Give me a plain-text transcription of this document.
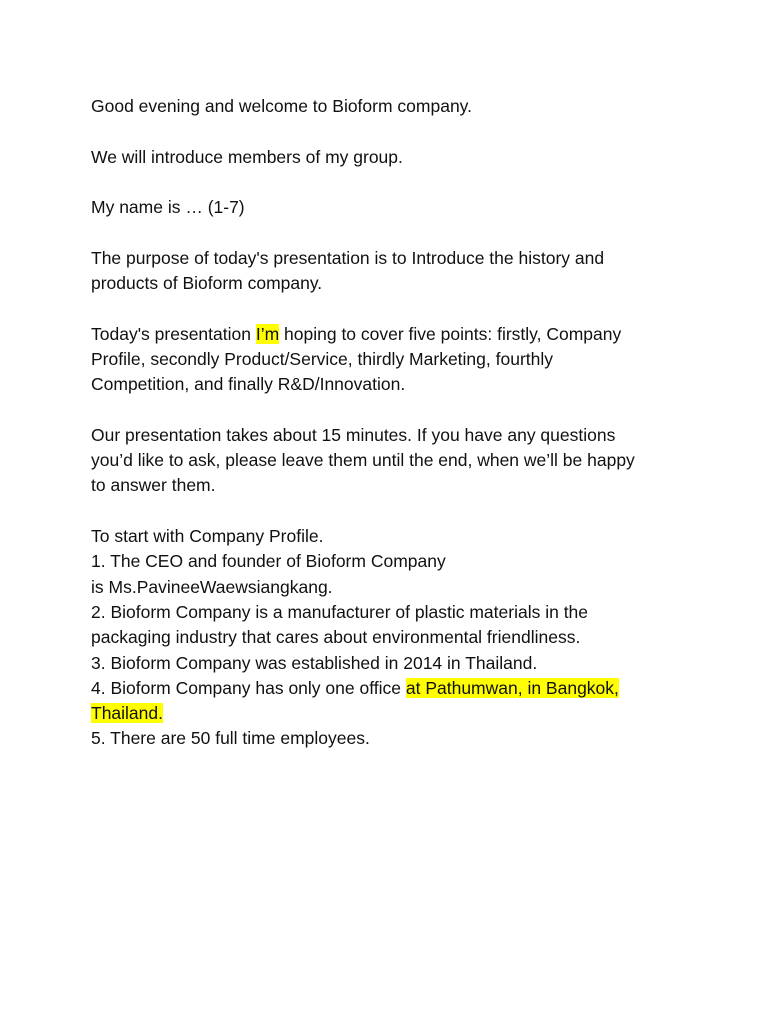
Good evening and welcome to Bioform company.

We will introduce members of my group.

My name is … (1-7)

The purpose of today's presentation is to Introduce the history and
products of Bioform company.

Today's presentation I’m hoping to cover five points: firstly, Company
Profile, secondly Product/Service, thirdly Marketing, fourthly
Competition, and finally R&D/Innovation.

Our presentation takes about 15 minutes. If you have any questions
you’d like to ask, please leave them until the end, when we’ll be happy
to answer them.

To start with Company Profile.
1. The CEO and founder of Bioform Company
is Ms.PavineeWaewsiangkang.
2. Bioform Company is a manufacturer of plastic materials in the
packaging industry that cares about environmental friendliness.
3. Bioform Company was established in 2014 in Thailand.
4. Bioform Company has only one office at Pathumwan, in Bangkok,
Thailand.
5. There are 50 full time employees.
